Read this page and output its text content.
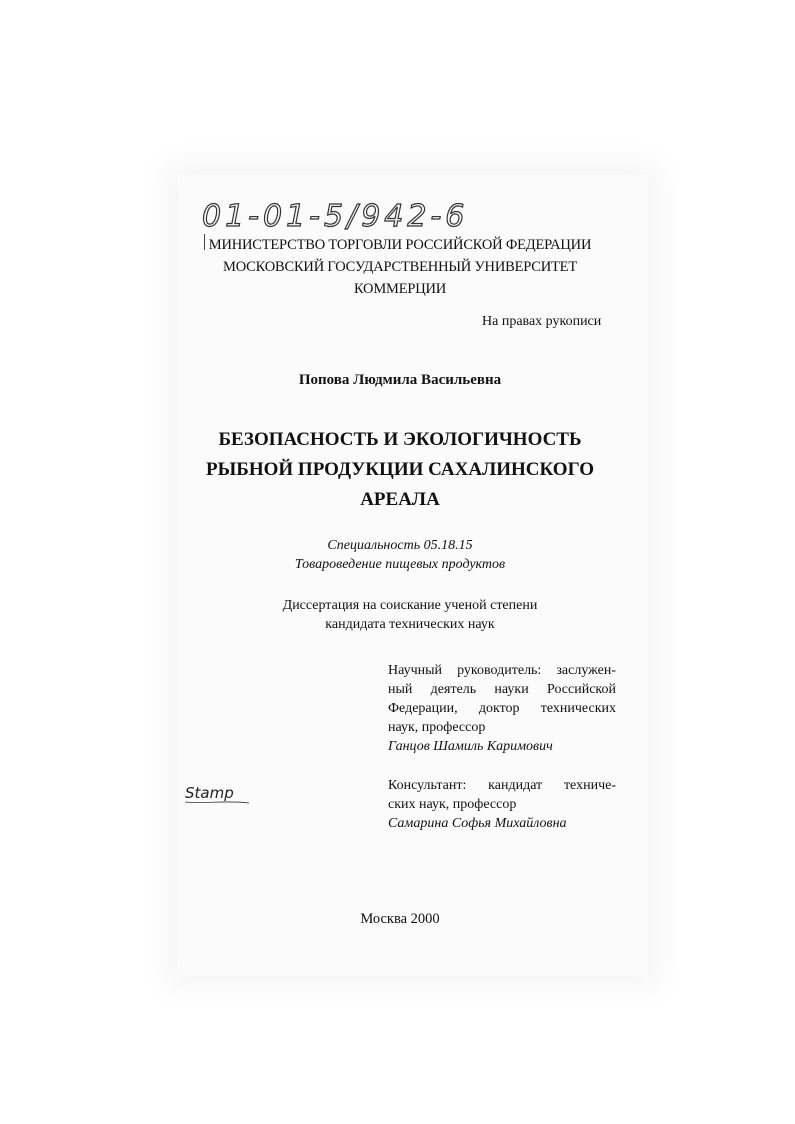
01-01-5/942-6
МИНИСТЕРСТВО ТОРГОВЛИ РОССИЙСКОЙ ФЕДЕРАЦИИ
МОСКОВСКИЙ ГОСУДАРСТВЕННЫЙ УНИВЕРСИТЕТ КОММЕРЦИИ
На правах рукописи
Попова Людмила Васильевна
БЕЗОПАСНОСТЬ И ЭКОЛОГИЧНОСТЬ
РЫБНОЙ ПРОДУКЦИИ САХАЛИНСКОГО
АРЕАЛА
Специальность 05.18.15
Товароведение пищевых продуктов
Диссертация на соискание ученой степени
кандидата технических наук
Научный руководитель: заслужен-
ный деятель науки Российской
Федерации, доктор технических
наук, профессор
Ганцов Шамиль Каримович
Stamp	Консультант: кандидат техниче-
ских наук, профессор
Самарина Софья Михайловна
Москва 2000
